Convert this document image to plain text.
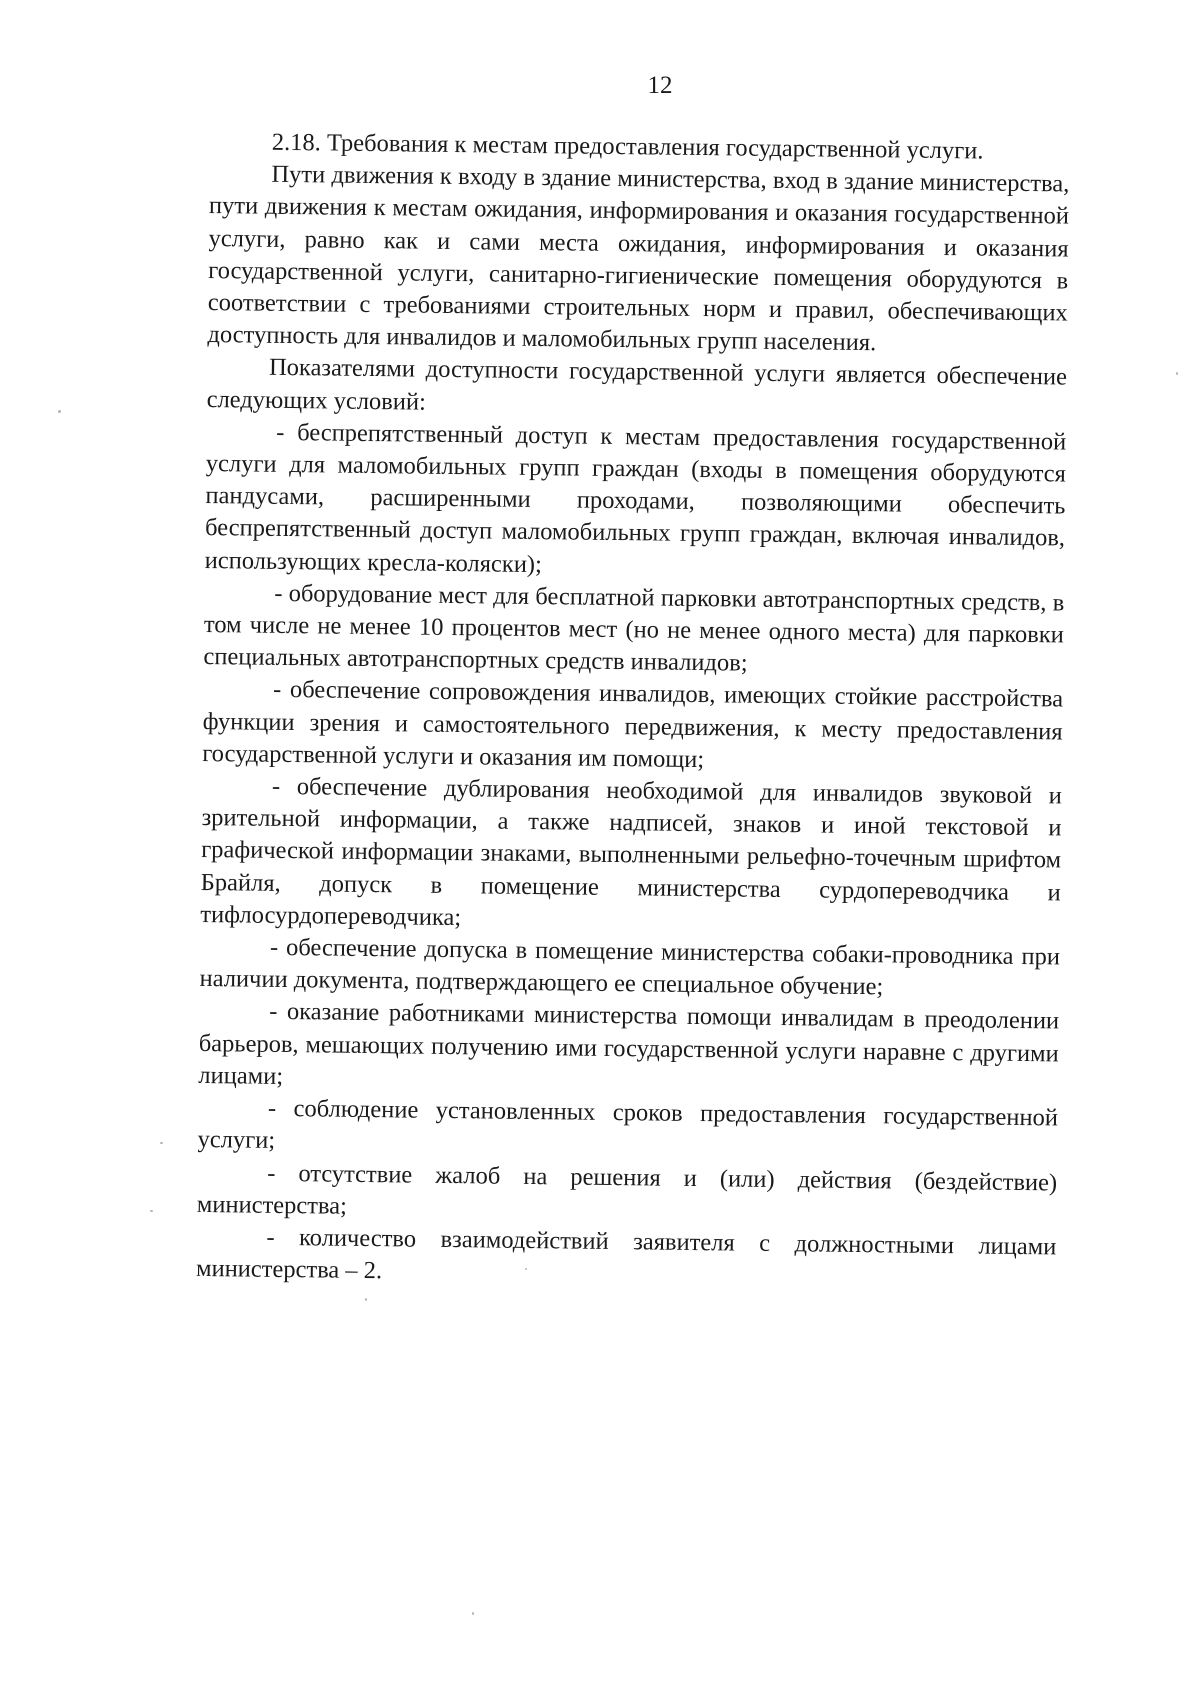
12

2.18. Требования к местам предоставления государственной услуги.

Пути движения к входу в здание министерства, вход в здание министерства, пути движения к местам ожидания, информирования и оказания государственной услуги, равно как и сами места ожидания, информирования и оказания государственной услуги, санитарно-гигиенические помещения оборудуются в соответствии с требованиями строительных норм и правил, обеспечивающих доступность для инвалидов и маломобильных групп населения.

Показателями доступности государственной услуги является обеспечение следующих условий:

- беспрепятственный доступ к местам предоставления государственной услуги для маломобильных групп граждан (входы в помещения оборудуются пандусами, расширенными проходами, позволяющими обеспечить беспрепятственный доступ маломобильных групп граждан, включая инвалидов, использующих кресла-коляски);

- оборудование мест для бесплатной парковки автотранспортных средств, в том числе не менее 10 процентов мест (но не менее одного места) для парковки специальных автотранспортных средств инвалидов;

- обеспечение сопровождения инвалидов, имеющих стойкие расстройства функции зрения и самостоятельного передвижения, к месту предоставления государственной услуги и оказания им помощи;

- обеспечение дублирования необходимой для инвалидов звуковой и зрительной информации, а также надписей, знаков и иной текстовой и графической информации знаками, выполненными рельефно-точечным шрифтом Брайля, допуск в помещение министерства сурдопереводчика и тифлосурдопереводчика;

- обеспечение допуска в помещение министерства собаки-проводника при наличии документа, подтверждающего ее специальное обучение;

- оказание работниками министерства помощи инвалидам в преодолении барьеров, мешающих получению ими государственной услуги наравне с другими лицами;

- соблюдение установленных сроков предоставления государственной услуги;

- отсутствие жалоб на решения и (или) действия (бездействие) министерства;

- количество взаимодействий заявителя с должностными лицами министерства – 2.
